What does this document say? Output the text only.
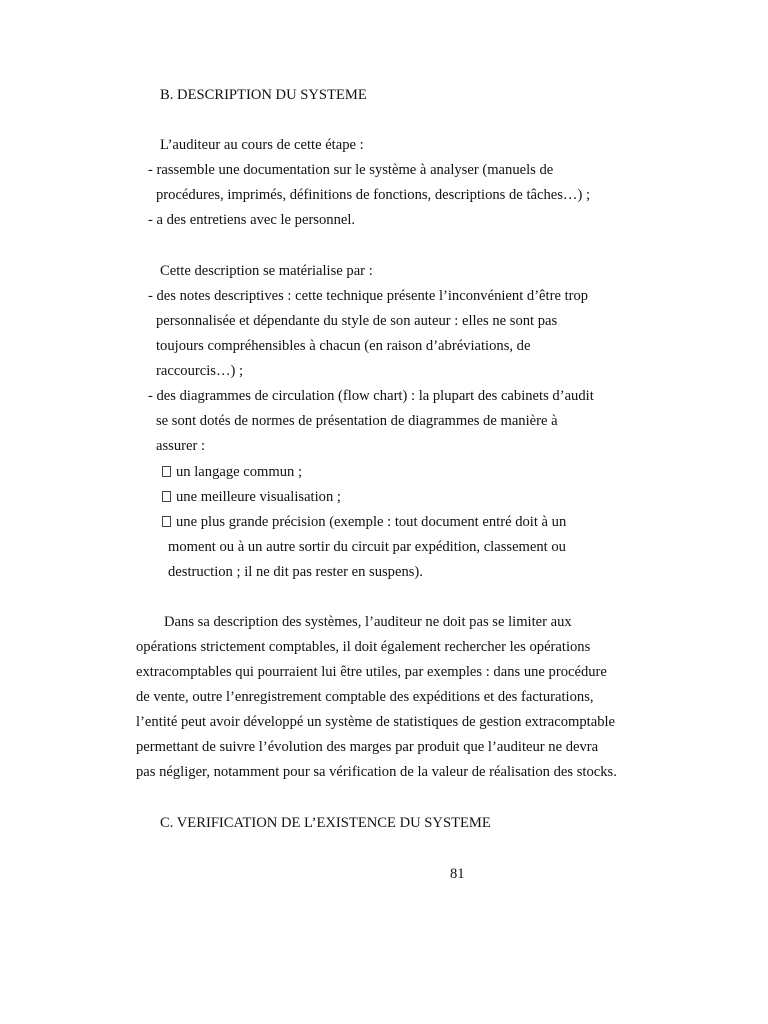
B. DESCRIPTION DU SYSTEME
L’auditeur au cours de cette étape :
- rassemble une documentation sur le système à analyser (manuels de
procédures, imprimés, définitions de fonctions, descriptions de tâches…) ;
- a des entretiens avec le personnel.
Cette description se matérialise par :
- des notes descriptives : cette technique présente l’inconvénient d’être trop
personnalisée et dépendante du style de son auteur : elles ne sont pas
toujours compréhensibles à chacun (en raison d’abréviations, de
raccourcis…) ;
- des diagrammes de circulation (flow chart) : la plupart des cabinets d’audit
se sont dotés de normes de présentation de diagrammes de manière à
assurer :
un langage commun ;
une meilleure visualisation ;
une plus grande précision (exemple : tout document entré doit à un
moment ou à un autre sortir du circuit par expédition, classement ou
destruction ; il ne dit pas rester en suspens).
Dans sa description des systèmes, l’auditeur ne doit pas se limiter aux
opérations strictement comptables, il doit également rechercher les opérations
extracomptables qui pourraient lui être utiles, par exemples : dans une procédure
de vente, outre l’enregistrement comptable des expéditions et des facturations,
l’entité peut avoir développé un système de statistiques de gestion extracomptable
permettant de suivre l’évolution des marges par produit que l’auditeur ne devra
pas négliger, notamment pour sa vérification de la valeur de réalisation des stocks.
C. VERIFICATION DE L’EXISTENCE DU SYSTEME
81
